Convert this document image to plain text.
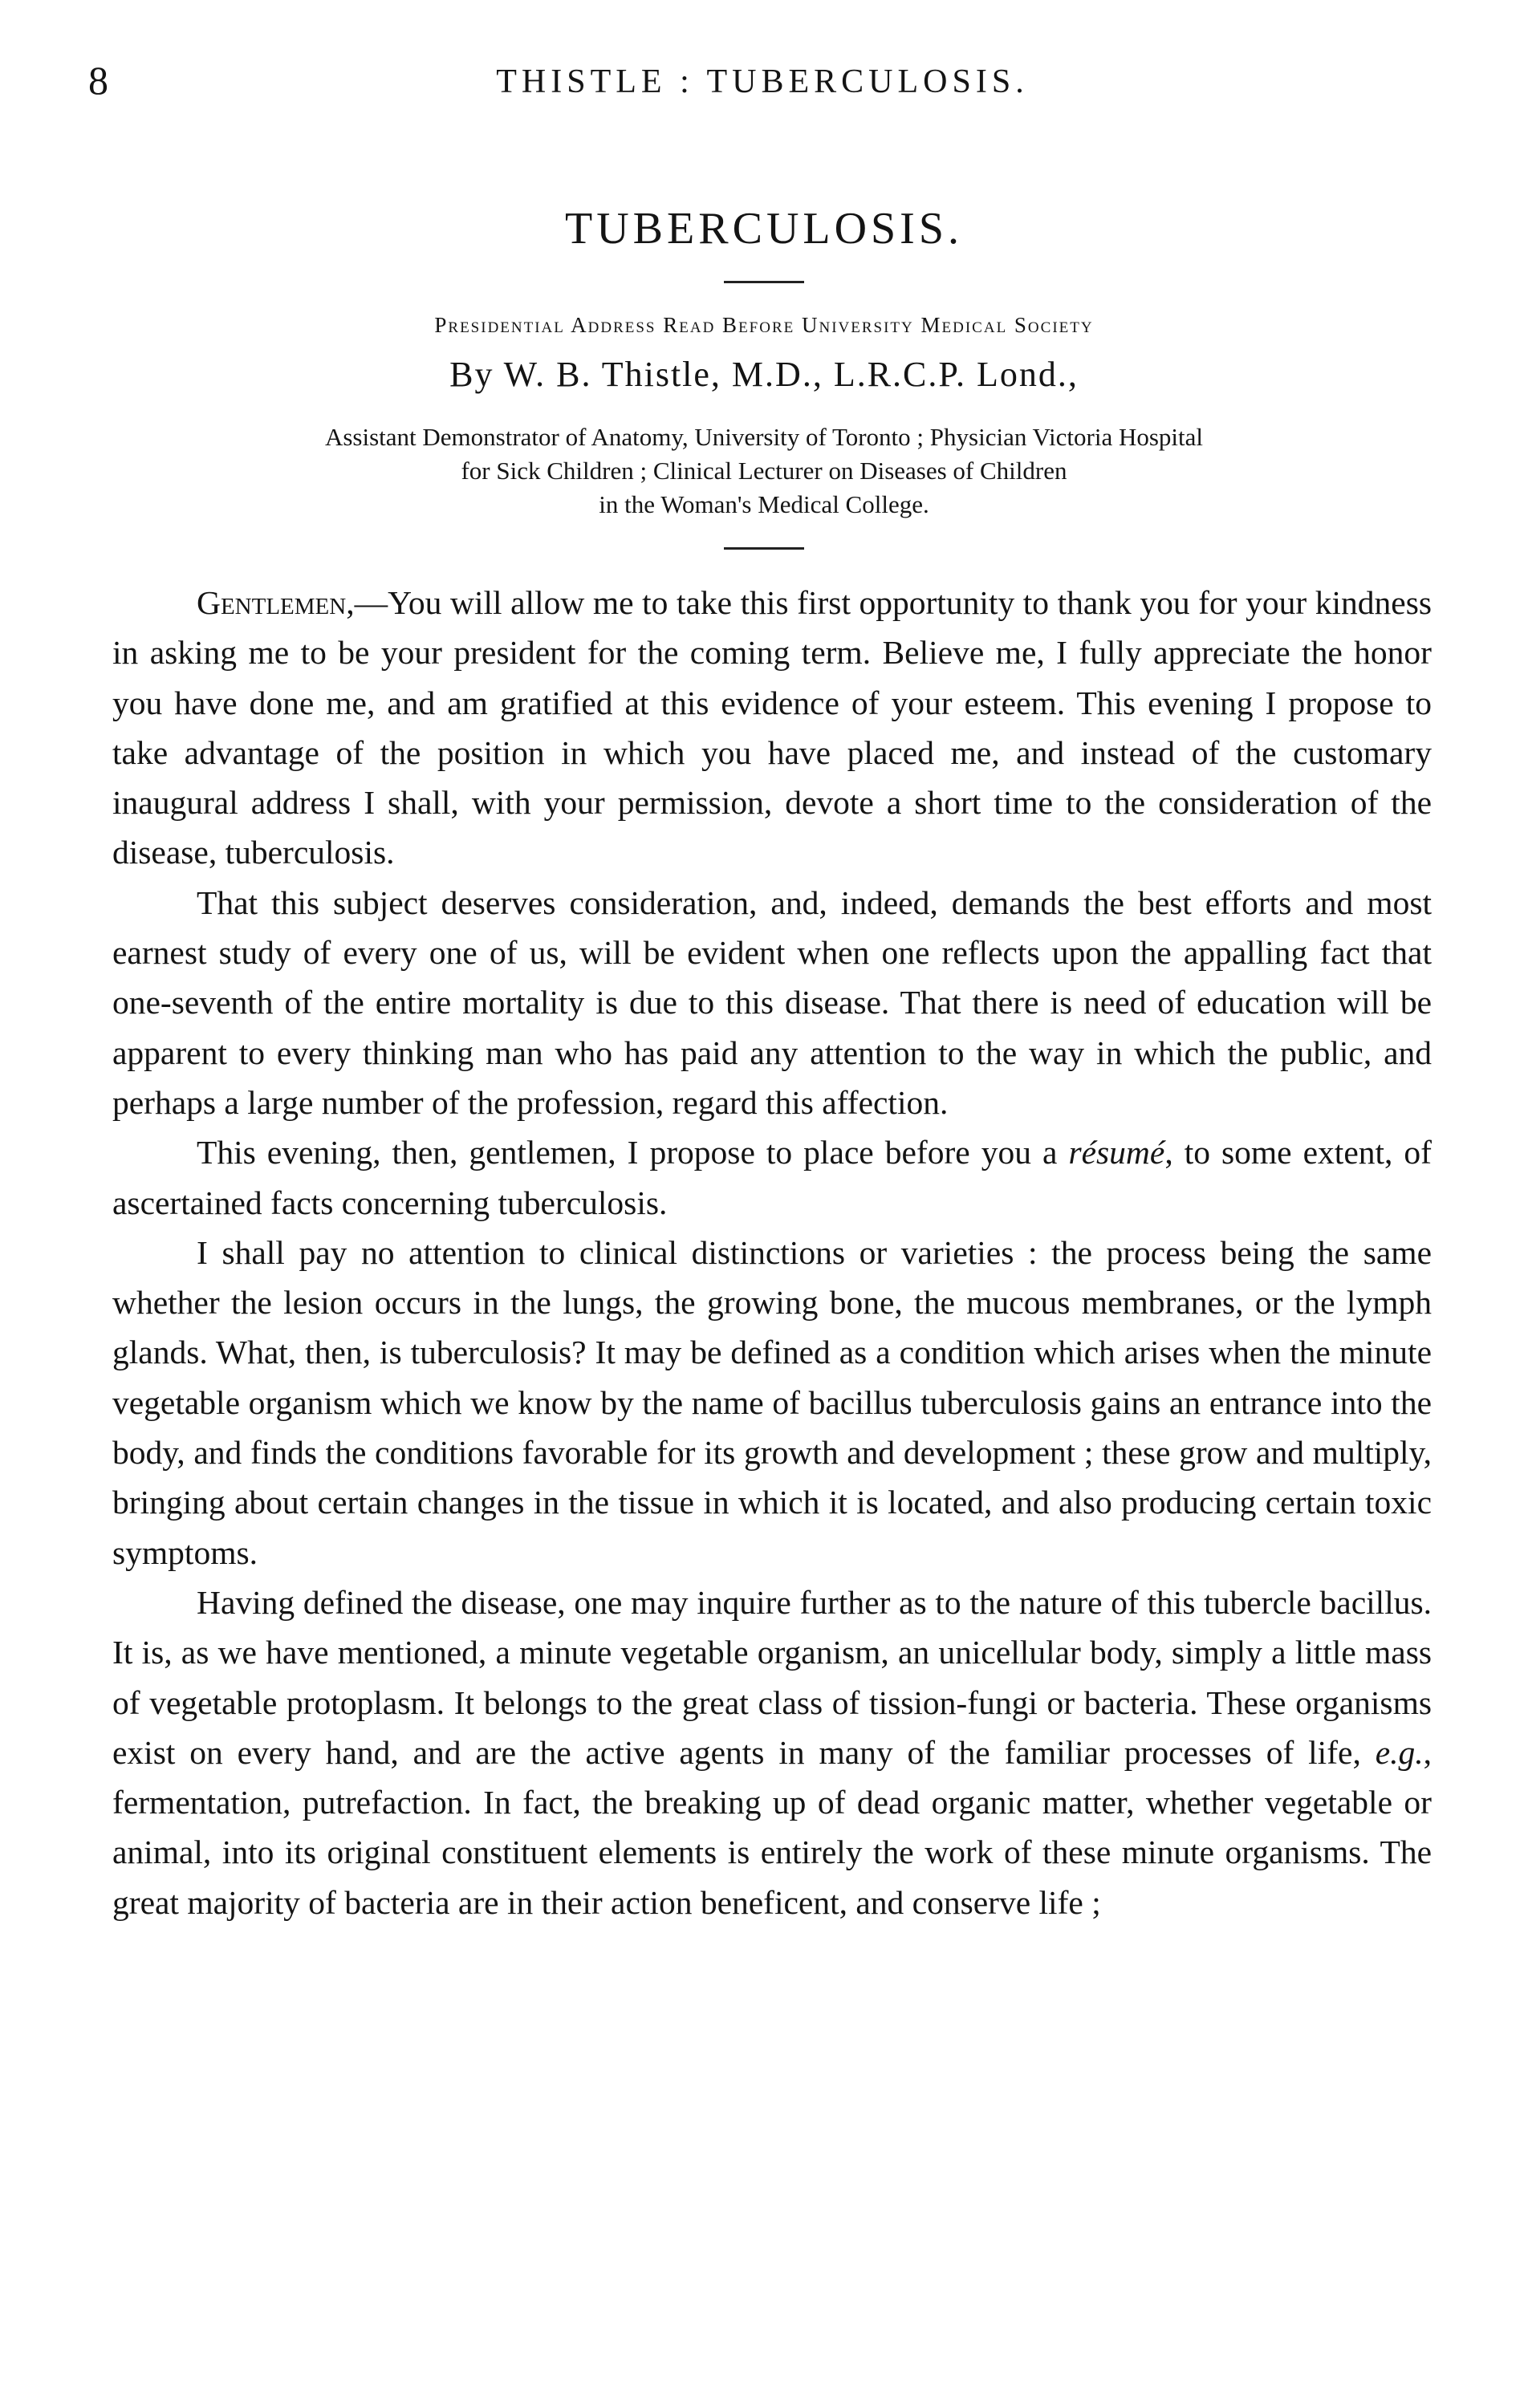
8	THISTLE : TUBERCULOSIS.
TUBERCULOSIS.
Presidential Address Read Before University Medical Society
By W. B. Thistle, M.D., L.R.C.P. Lond.,
Assistant Demonstrator of Anatomy, University of Toronto ; Physician Victoria Hospital
for Sick Children ; Clinical Lecturer on Diseases of Children
in the Woman's Medical College.

Gentlemen,—You will allow me to take this first opportunity to thank you for your kindness in asking me to be your president for the coming term. Believe me, I fully appreciate the honor you have done me, and am gratified at this evidence of your esteem. This evening I propose to take advantage of the position in which you have placed me, and instead of the customary inaugural address I shall, with your permission, devote a short time to the consideration of the disease, tuberculosis.

That this subject deserves consideration, and, indeed, demands the best efforts and most earnest study of every one of us, will be evident when one reflects upon the appalling fact that one-seventh of the entire mortality is due to this disease. That there is need of education will be apparent to every thinking man who has paid any attention to the way in which the public, and perhaps a large number of the profession, regard this affection.

This evening, then, gentlemen, I propose to place before you a résumé, to some extent, of ascertained facts concerning tuberculosis.

I shall pay no attention to clinical distinctions or varieties : the process being the same whether the lesion occurs in the lungs, the growing bone, the mucous membranes, or the lymph glands. What, then, is tuberculosis? It may be defined as a condition which arises when the minute vegetable organism which we know by the name of bacillus tuberculosis gains an entrance into the body, and finds the conditions favorable for its growth and development ; these grow and multiply, bringing about certain changes in the tissue in which it is located, and also producing certain toxic symptoms.

Having defined the disease, one may inquire further as to the nature of this tubercle bacillus. It is, as we have mentioned, a minute vegetable organism, an unicellular body, simply a little mass of vegetable protoplasm. It belongs to the great class of tission-fungi or bacteria. These organisms exist on every hand, and are the active agents in many of the familiar processes of life, e.g., fermentation, putrefaction. In fact, the breaking up of dead organic matter, whether vegetable or animal, into its original constituent elements is entirely the work of these minute organisms. The great majority of bacteria are in their action beneficent, and conserve life ;
